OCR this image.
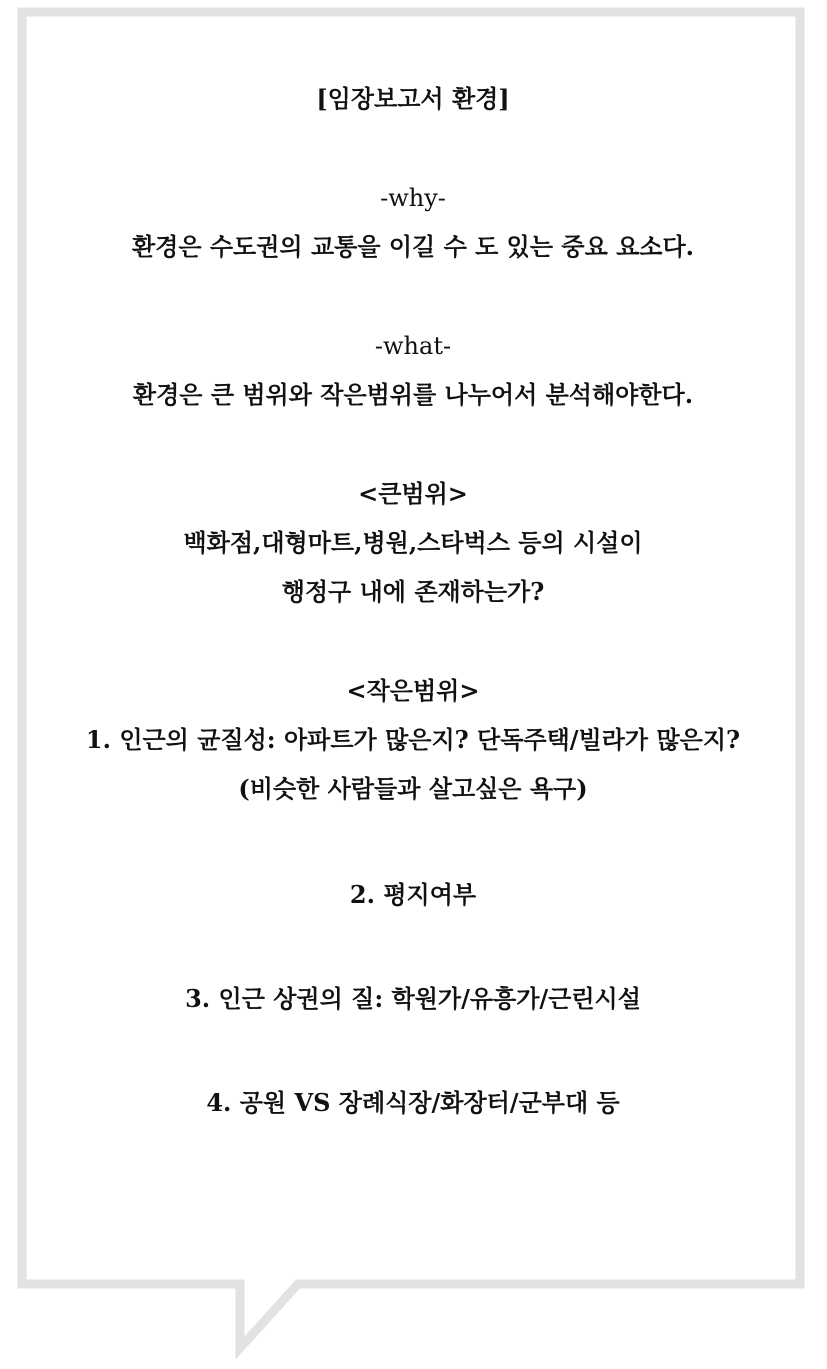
[임장보고서 환경]
-why-
환경은 수도권의 교통을 이길 수 도 있는 중요 요소다.
-what-
환경은 큰 범위와 작은범위를 나누어서 분석해야한다.
<큰범위>
백화점,대형마트,병원,스타벅스 등의 시설이
행정구 내에 존재하는가?
<작은범위>
1. 인근의 균질성: 아파트가 많은지? 단독주택/빌라가 많은지?
(비슷한 사람들과 살고싶은 욕구)
2. 평지여부
3. 인근 상권의 질: 학원가/유흥가/근린시설
4. 공원 VS 장례식장/화장터/군부대 등
